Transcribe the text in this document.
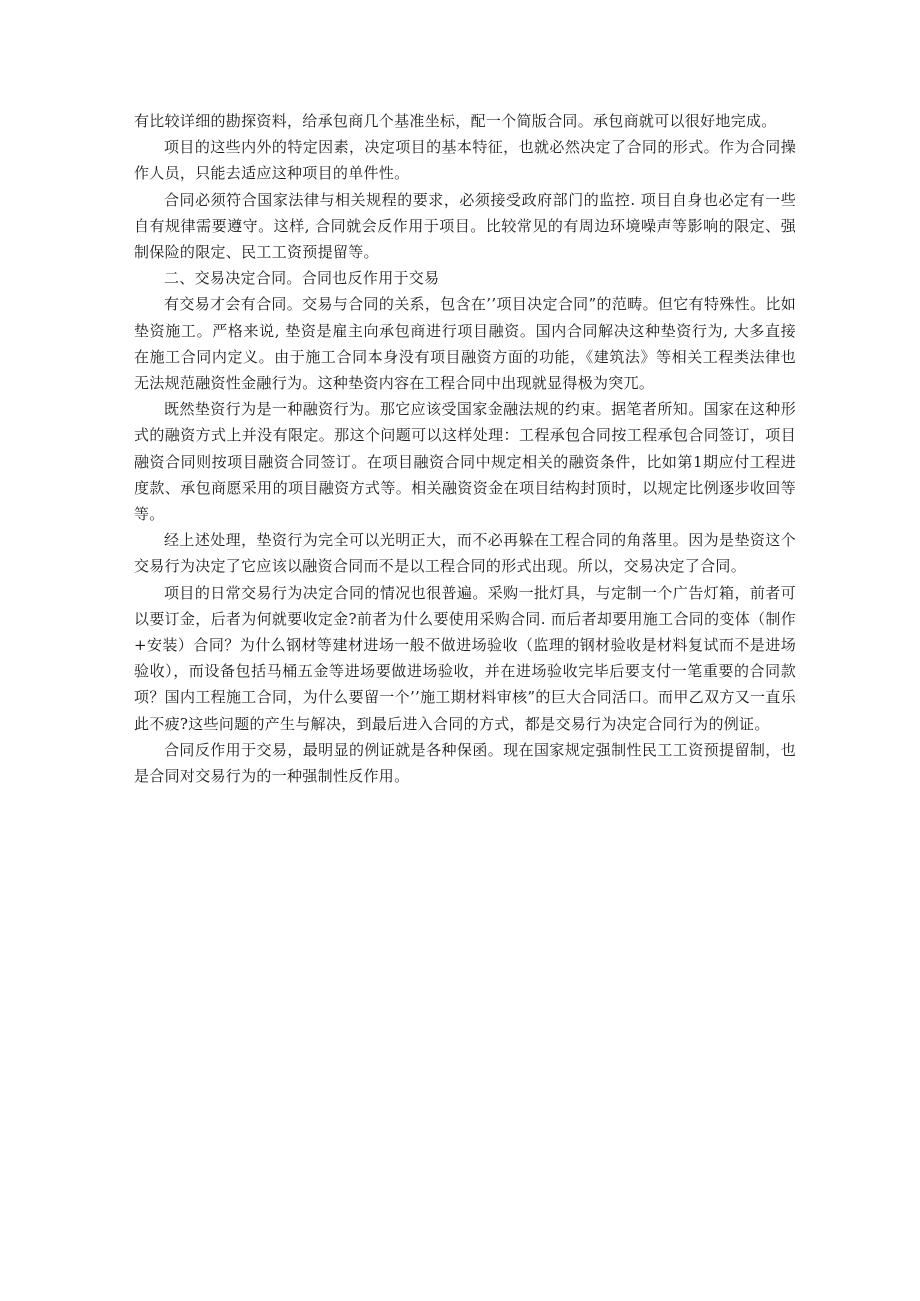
有比较详细的勘探资料，给承包商几个基准坐标，配一个简版合同。承包商就可以很好地完成。

项目的这些内外的特定因素，决定项目的基本特征，也就必然决定了合同的形式。作为合同操作人员，只能去适应这种项目的单件性。

合同必须符合国家法律与相关规程的要求，必须接受政府部门的监控. 项目自身也必定有一些自有规律需要遵守。这样, 合同就会反作用于项目。比较常见的有周边环境噪声等影响的限定、强制保险的限定、民工工资预提留等。

二、交易决定合同。合同也反作用于交易

有交易才会有合同。交易与合同的关系，包含在’’项目决定合同”的范畴。但它有特殊性。比如垫资施工。严格来说, 垫资是雇主向承包商进行项目融资。国内合同解决这种垫资行为, 大多直接在施工合同内定义。由于施工合同本身没有项目融资方面的功能，《建筑法》等相关工程类法律也无法规范融资性金融行为。这种垫资内容在工程合同中出现就显得极为突兀。

既然垫资行为是一种融资行为。那它应该受国家金融法规的约束。据笔者所知。国家在这种形式的融资方式上并没有限定。那这个问题可以这样处理：工程承包合同按工程承包合同签订，项目融资合同则按项目融资合同签订。在项目融资合同中规定相关的融资条件，比如第1期应付工程进度款、承包商愿采用的项目融资方式等。相关融资资金在项目结构封顶时，以规定比例逐步收回等等。

经上述处理，垫资行为完全可以光明正大，而不必再躲在工程合同的角落里。因为是垫资这个交易行为决定了它应该以融资合同而不是以工程合同的形式出现。所以，交易决定了合同。

项目的日常交易行为决定合同的情况也很普遍。采购一批灯具，与定制一个广告灯箱，前者可以要订金，后者为何就要收定金?前者为什么要使用采购合同. 而后者却要用施工合同的变体（制作+安装）合同？为什么钢材等建材进场一般不做进场验收（监理的钢材验收是材料复试而不是进场验收），而设备包括马桶五金等进场要做进场验收，并在进场验收完毕后要支付一笔重要的合同款项？国内工程施工合同，为什么要留一个’’施工期材料审核”的巨大合同活口。而甲乙双方又一直乐此不疲?这些问题的产生与解决，到最后进入合同的方式，都是交易行为决定合同行为的例证。

合同反作用于交易，最明显的例证就是各种保函。现在国家规定强制性民工工资预提留制，也是合同对交易行为的一种强制性反作用。
